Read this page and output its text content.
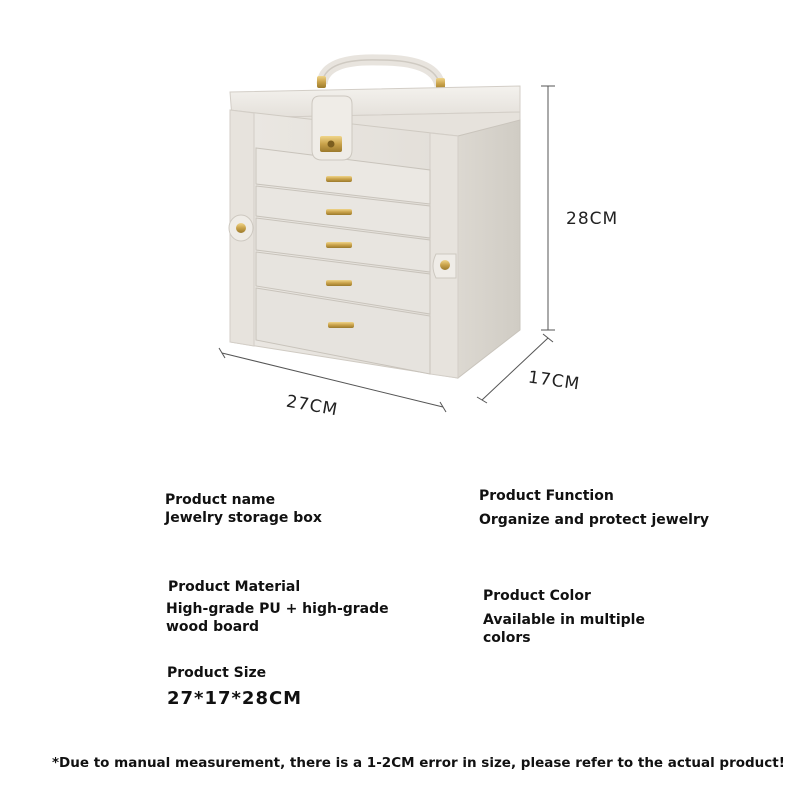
28CM
17CM
27CM
Product name
Jewelry storage box
Product Function
Organize and protect jewelry
Product Material
High-grade PU + high-grade
wood board
Product Color
Available in multiple
colors
Product Size
27*17*28CM
*Due to manual measurement, there is a 1-2CM error in size, please refer to the actual product!
